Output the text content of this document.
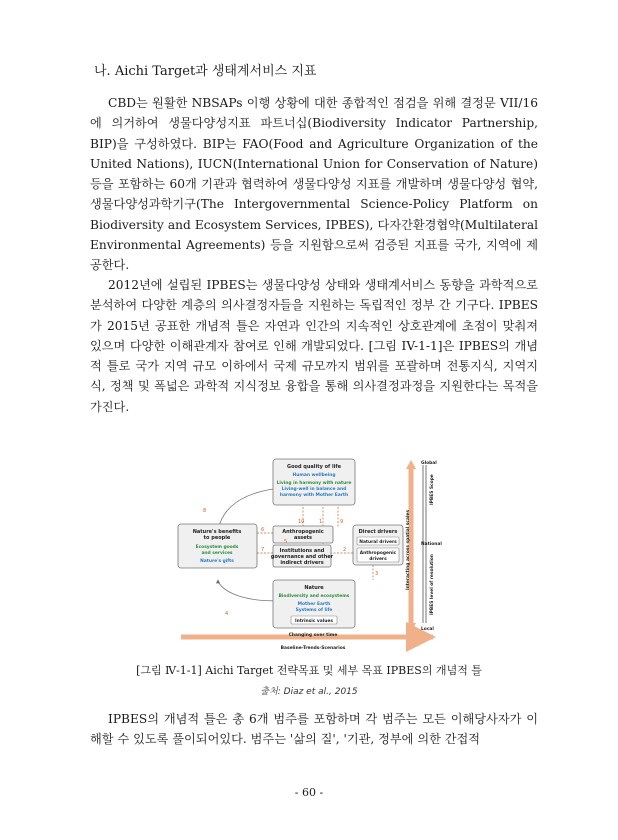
나. Aichi Target과 생태계서비스 지표

CBD는 원활한 NBSAPs 이행 상황에 대한 종합적인 점검을 위해 결정문 VII/16에 의거하여 생물다양성지표 파트너십(Biodiversity Indicator Partnership, BIP)을 구성하였다. BIP는 FAO(Food and Agriculture Organization of the United Nations), IUCN(International Union for Conservation of Nature) 등을 포함하는 60개 기관과 협력하여 생물다양성 지표를 개발하며 생물다양성 협약, 생물다양성과학기구(The Intergovernmental Science-Policy Platform on Biodiversity and Ecosystem Services, IPBES), 다자간환경협약(Multilateral Environmental Agreements) 등을 지원함으로써 검증된 지표를 국가, 지역에 제공한다.

2012년에 설립된 IPBES는 생물다양성 상태와 생태계서비스 동향을 과학적으로 분석하여 다양한 계층의 의사결정자들을 지원하는 독립적인 정부 간 기구다. IPBES가 2015년 공표한 개념적 틀은 자연과 인간의 지속적인 상호관계에 초점이 맞춰져 있으며 다양한 이해관계자 참여로 인해 개발되었다. [그림 IV-1-1]은 IPBES의 개념적 틀로 국가 지역 규모 이하에서 국제 규모까지 범위를 포괄하며 전통지식, 지역지식, 정책 및 폭넓은 과학적 지식정보 융합을 통해 의사결정과정을 지원한다는 목적을 가진다.

Good quality of life
Human wellbeing
Living in harmony with nature
Living-well in balance and
harmony with Mother Earth
Nature's benefits
to people
Ecosystem goods
and services
Nature's gifts
Anthropogenic
assets
Institutions and
governance and other
indirect drivers
Direct drivers
Natural drivers
Anthropogenic
drivers
Nature
Biodiversity and ecosystems
Mother Earth
Systems of life
Intrinsic values
8
4
10	1	9
6
7
5
2
3
Changing over time
Baseline-Trends-Scenarios
Global
National
Local
Interacting across spatial scales
IPBES Scope
IPBES level of resolution
[그림 Ⅳ-1-1] Aichi Target 전략목표 및 세부 목표 IPBES의 개념적 틀
출처: Diaz et al., 2015

IPBES의 개념적 틀은 총 6개 범주를 포함하며 각 범주는 모든 이해당사자가 이해할 수 있도록 풀이되어있다. 범주는 '삶의 질', '기관, 정부에 의한 간접적

- 60 -
